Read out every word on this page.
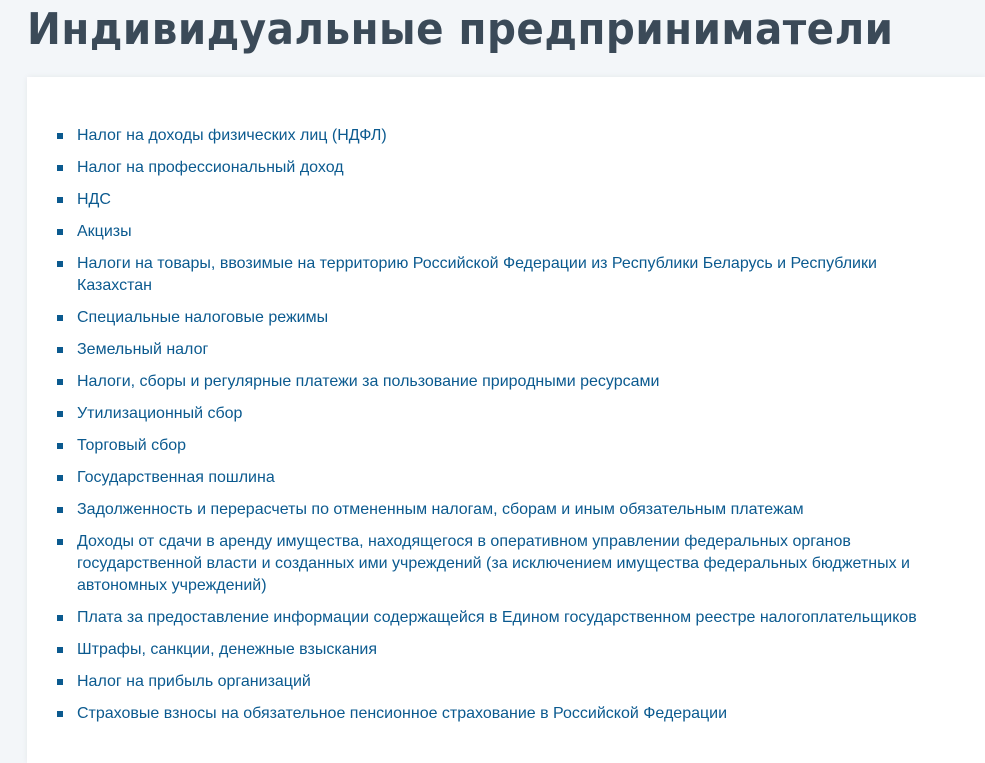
Индивидуальные предприниматели
Налог на доходы физических лиц (НДФЛ)
Налог на профессиональный доход
НДС
Акцизы
Налоги на товары, ввозимые на территорию Российской Федерации из Республики Беларусь и Республики Казахстан
Специальные налоговые режимы
Земельный налог
Налоги, сборы и регулярные платежи за пользование природными ресурсами
Утилизационный сбор
Торговый сбор
Государственная пошлина
Задолженность и перерасчеты по отмененным налогам, сборам и иным обязательным платежам
Доходы от сдачи в аренду имущества, находящегося в оперативном управлении федеральных органов государственной власти и созданных ими учреждений (за исключением имущества федеральных бюджетных и автономных учреждений)
Плата за предоставление информации содержащейся в Едином государственном реестре налогоплательщиков
Штрафы, санкции, денежные взыскания
Налог на прибыль организаций
Страховые взносы на обязательное пенсионное страхование в Российской Федерации
